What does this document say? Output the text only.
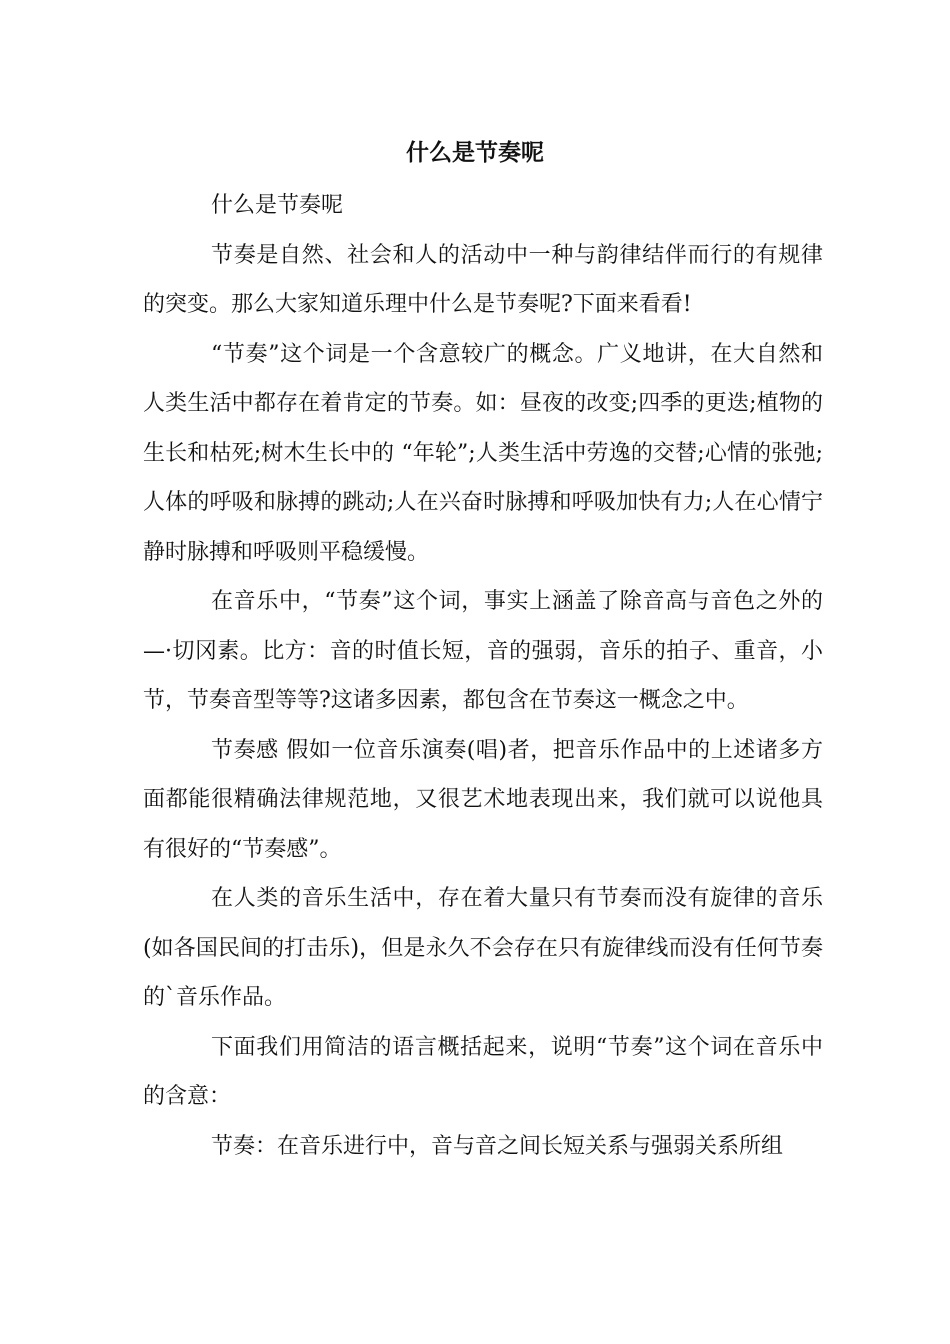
什么是节奏呢

什么是节奏呢

节奏是自然、社会和人的活动中一种与韵律结伴而行的有规律的突变。那么大家知道乐理中什么是节奏呢?下面来看看!

“节奏”这个词是一个含意较广的概念。广义地讲，在大自然和人类生活中都存在着肯定的节奏。如：昼夜的改变;四季的更迭;植物的生长和枯死;树木生长中的 “年轮”;人类生活中劳逸的交替;心情的张弛;人体的呼吸和脉搏的跳动;人在兴奋时脉搏和呼吸加快有力;人在心情宁静时脉搏和呼吸则平稳缓慢。

在音乐中，“节奏”这个词，事实上涵盖了除音高与音色之外的—·切冈素。比方：音的时值长短，音的强弱，音乐的拍子、重音，小节，节奏音型等等?这诸多因素，都包含在节奏这一概念之中。

节奏感 假如一位音乐演奏(唱)者，把音乐作品中的上述诸多方面都能很精确法律规范地，又很艺术地表现出来，我们就可以说他具有很好的“节奏感”。

在人类的音乐生活中，存在着大量只有节奏而没有旋律的音乐(如各国民间的打击乐)，但是永久不会存在只有旋律线而没有任何节奏的`音乐作品。

下面我们用简洁的语言概括起来，说明“节奏”这个词在音乐中的含意：

节奏：在音乐进行中，音与音之间长短关系与强弱关系所组
